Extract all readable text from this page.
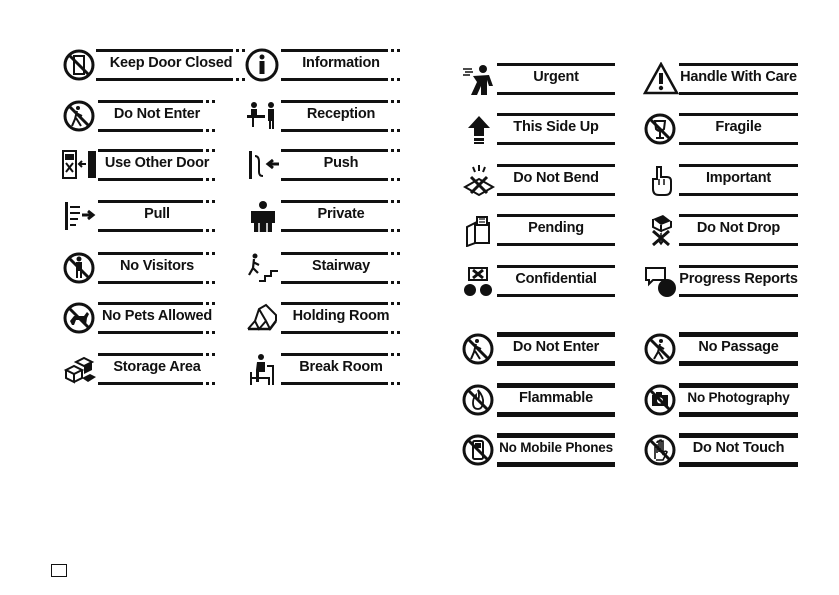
Keep Door Closed	Information
Do Not Enter	Reception
Use Other Door	Push
Pull	Private
No Visitors	Stairway
No Pets Allowed	Holding Room
Storage Area	Break Room
Urgent	Handle With Care
This Side Up	Fragile
Do Not Bend	Important
Pending	Do Not Drop
Confidential	Progress Reports
Do Not Enter	No Passage
Flammable	No Photography
No Mobile Phones	Do Not Touch
